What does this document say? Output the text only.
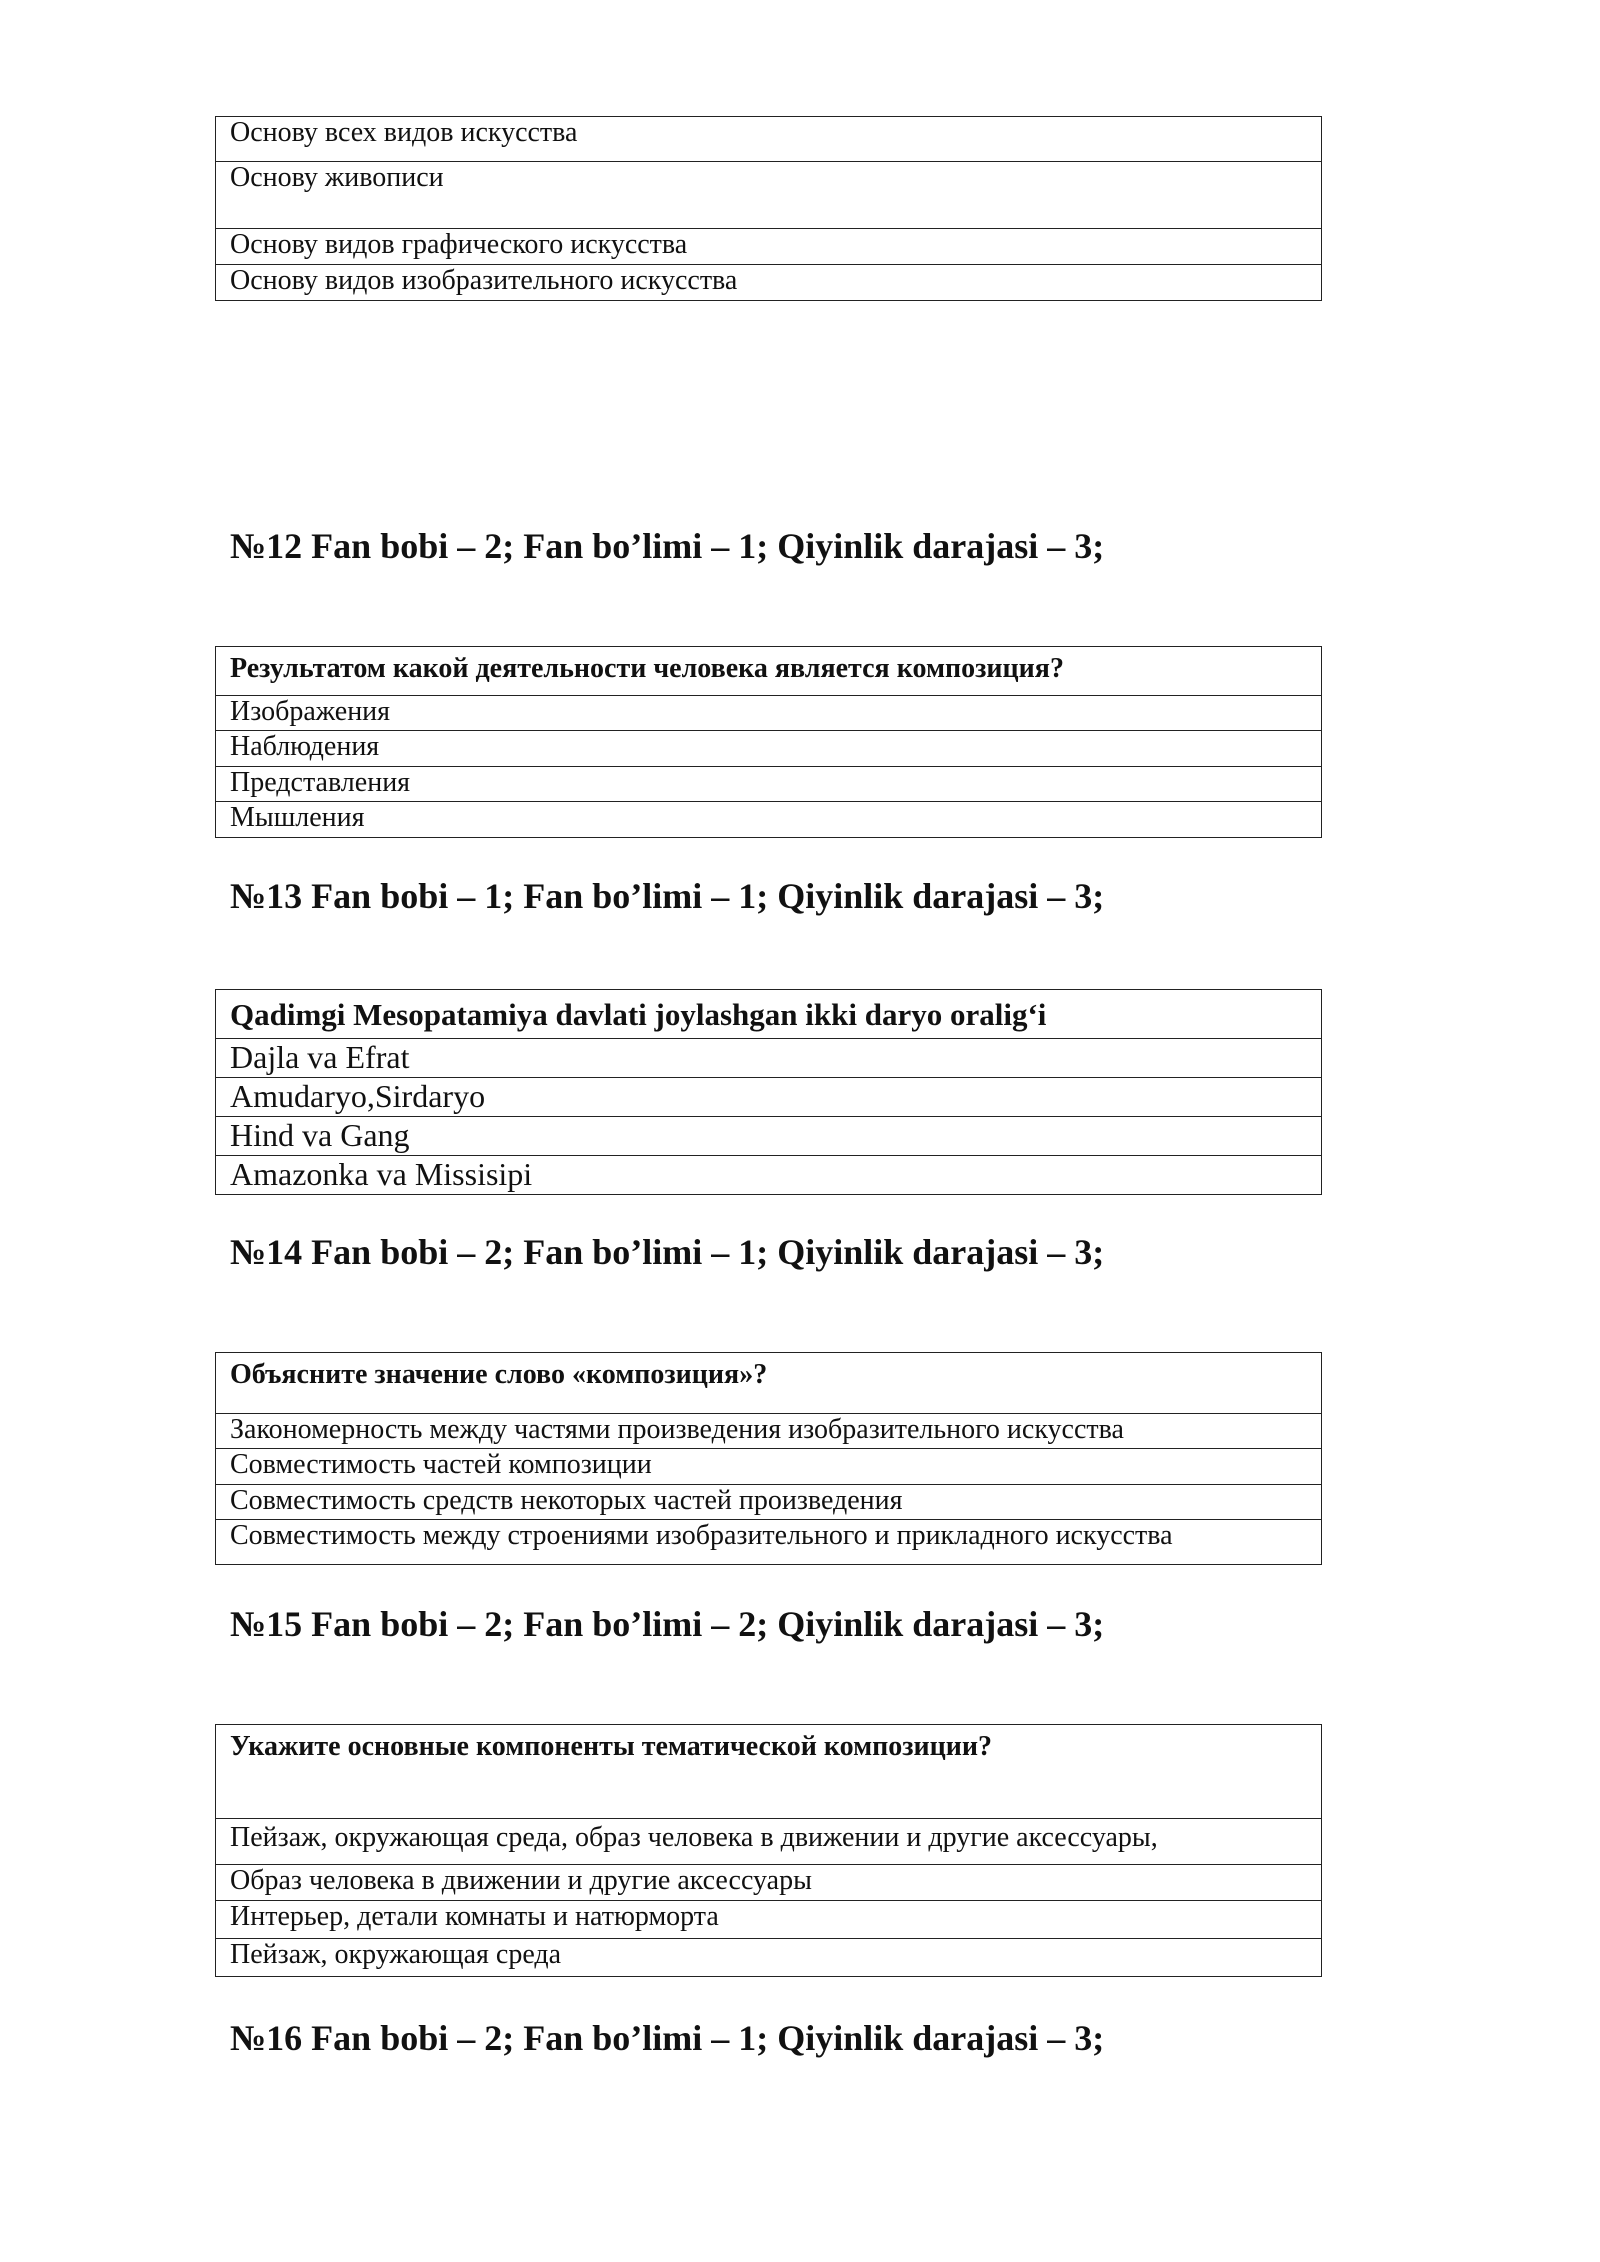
Основу всех видов искусства
Основу живописи
Основу видов графического искусства
Основу видов изобразительного искусства
№12 Fan bobi – 2; Fan bo’limi – 1; Qiyinlik darajasi – 3;
Результатом какой деятельности человека является композиция?
Изображения
Наблюдения
Представления
Мышления
№13 Fan bobi – 1; Fan bo’limi – 1; Qiyinlik darajasi – 3;
Qadimgi Mesopatamiya davlati joylashgan ikki daryo oralig‘i
Dajla va Efrat
Amudaryo,Sirdaryo
Hind va Gang
Amazonka va Missisipi
№14 Fan bobi – 2; Fan bo’limi – 1; Qiyinlik darajasi – 3;
Объясните значение слово «композиция»?
Закономерность между частями произведения изобразительного искусства
Совместимость частей композиции
Совместимость средств некоторых частей произведения
Совместимость между строениями изобразительного и прикладного искусства
№15 Fan bobi – 2; Fan bo’limi – 2; Qiyinlik darajasi – 3;
Укажите основные компоненты тематической композиции?
Пейзаж, окружающая среда, образ человека в движении и другие аксессуары,
Образ человека в движении и другие аксессуары
Интерьер, детали комнаты и натюрморта
Пейзаж, окружающая среда
№16 Fan bobi – 2; Fan bo’limi – 1; Qiyinlik darajasi – 3;
